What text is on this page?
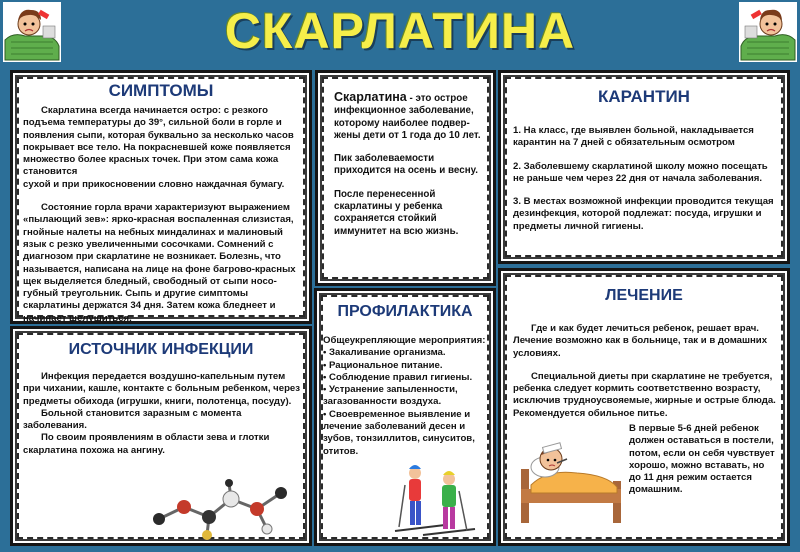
СКАРЛАТИНА
СИМПТОМЫ

Скарлатина всегда начинается остро: с резкого подъема температуры до 39°, сильной боли в горле и появления сыпи, которая буквально за несколько часов покрывает все тело. На покрасневшей коже появляется множество более красных точек. При этом сама кожа становится

сухой и при прикосновении словно наждачная бумагу.

Состояние горла врачи характеризуют выражением «пылающий зев»: ярко-красная воспаленная слизистая, гнойные налеты на небных миндалинах и малиновый язык с резко увеличенными сосочками. Сомнений с диагнозом при скарлатине не возникает. Болезнь, что называется, написана на лице на фоне багрово-красных щек выделяется бледный, свободный от сыпи носо-губный треугольник. Сыпь и другие симптомы скарлатины держатся 34 дня. Затем кожа бледнеет и начинает шелушиться.

Скарлатина - это острое инфекционное заболевание, которому наиболее подвер-жены дети от 1 года до 10 лет.

Пик заболеваемости приходится на осень и весну.

После перенесенной скарлатины у ребенка сохраняется стойкий иммунитет на всю жизнь.

КАРАНТИН

1. На класс, где выявлен больной, накладывается карантин на 7 дней с обязательным осмотром

2. Заболевшему скарлатиной школу можно посещать не раньше чем через 22 дня от начала заболевания.

3. В местах возможной инфекции проводится текущая дезинфекция, которой подлежат: посуда, игрушки и предметы личной гигиены.

ИСТОЧНИК ИНФЕКЦИИ

Инфекция передается воздушно-капельным путем при чихании, кашле, контакте с больным ребенком, через предметы обихода (игрушки, книги, полотенца, посуду).

Больной становится заразным с момента заболевания.

По своим проявлениям в области зева и глотки скарлатина похожа на ангину.

ПРОФИЛАКТИКА

Общеукрепляющие мероприятия:

• Закаливание организма.
• Рациональное питание.
• Соблюдение правил гигиены.
• Устранение запыленности, загазованности воздуха.
• Своевременное выявление и лечение заболеваний десен и зубов, тонзиллитов, синуситов, отитов.
ЛЕЧЕНИЕ

Где и как будет лечиться ребенок, решает врач. Лечение возможно как в больнице, так и в домашних условиях.

Специальной диеты при скарлатине не требуется, ребенка следует кормить соответственно возрасту, исключив трудноусвояемые, жирные и острые блюда. Рекомендуется обильное питье.

В первые 5-6 дней ребенок должен оставаться в постели, потом, если он себя чувствует хорошо, можно вставать, но до 11 дня режим остается домашним.
